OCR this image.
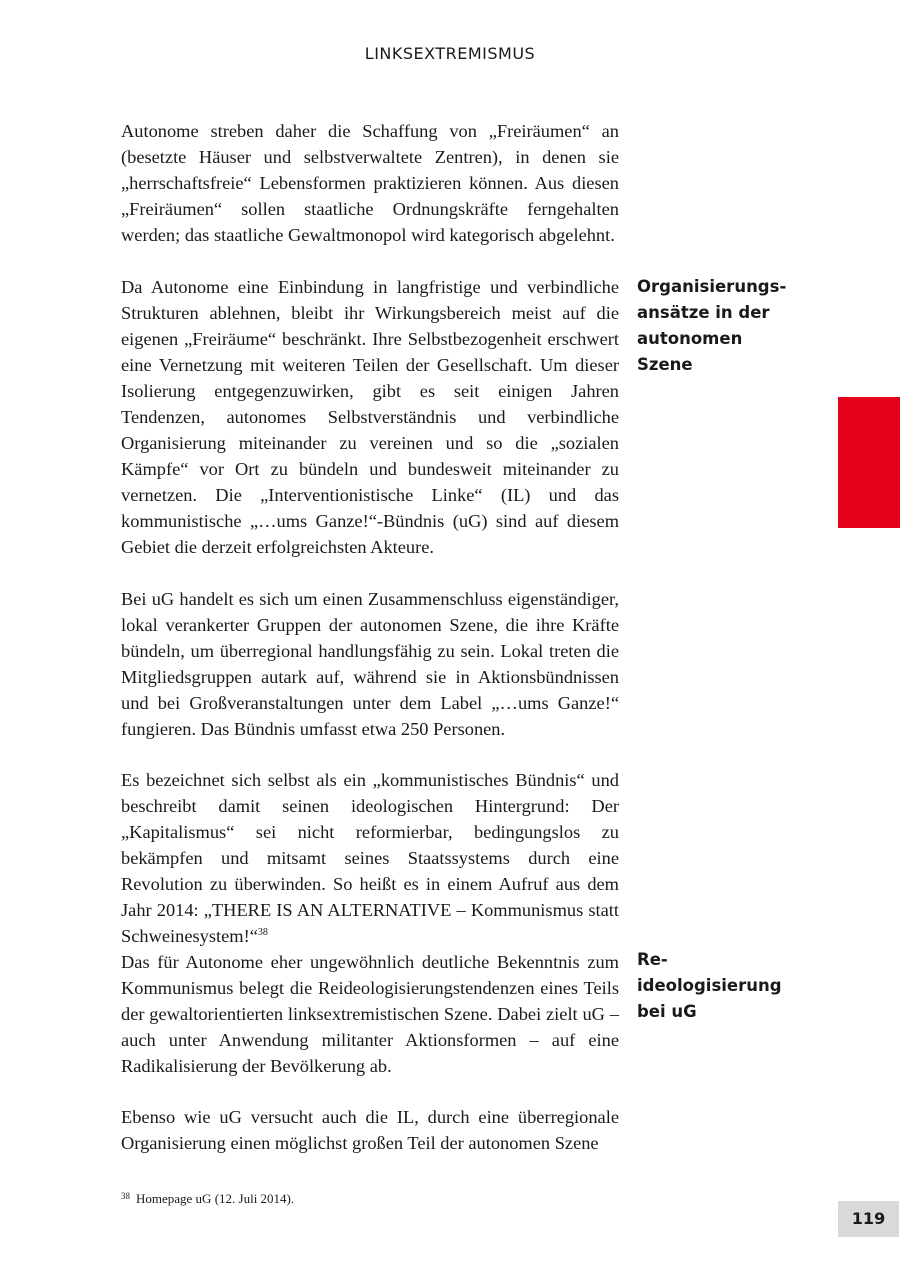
LINKSEXTREMISMUS

Autonome streben daher die Schaffung von „Freiräumen“ an (besetzte Häuser und selbstverwaltete Zentren), in denen sie „herrschaftsfreie“ Lebensformen praktizieren können. Aus diesen „Freiräumen“ sollen staatliche Ordnungskräfte ferngehalten werden; das staatliche Gewaltmonopol wird kategorisch abgelehnt.

Da Autonome eine Einbindung in langfristige und verbindliche Strukturen ablehnen, bleibt ihr Wirkungsbereich meist auf die eigenen „Freiräume“ beschränkt. Ihre Selbstbezogenheit erschwert eine Vernetzung mit weiteren Teilen der Gesellschaft. Um dieser Isolierung entgegenzuwirken, gibt es seit einigen Jahren Tendenzen, autonomes Selbstverständnis und verbindliche Organisierung miteinander zu vereinen und so die „sozialen Kämpfe“ vor Ort zu bündeln und bundesweit miteinander zu vernetzen. Die „Interventionistische Linke“ (IL) und das kommunistische „…ums Ganze!“-Bündnis (uG) sind auf diesem Gebiet die derzeit erfolgreichsten Akteure.

Bei uG handelt es sich um einen Zusammenschluss eigenständiger, lokal verankerter Gruppen der autonomen Szene, die ihre Kräfte bündeln, um überregional handlungsfähig zu sein. Lokal treten die Mitgliedsgruppen autark auf, während sie in Aktionsbündnissen und bei Großveranstaltungen unter dem Label „…ums Ganze!“ fungieren. Das Bündnis umfasst etwa 250 Personen.

Es bezeichnet sich selbst als ein „kommunistisches Bündnis“ und beschreibt damit seinen ideologischen Hintergrund: Der „Kapitalismus“ sei nicht reformierbar, bedingungslos zu bekämpfen und mitsamt seines Staatssystems durch eine Revolution zu überwinden. So heißt es in einem Aufruf aus dem Jahr 2014: „THERE IS AN ALTERNATIVE – Kommunismus statt Schweinesystem!“$^{38}$

Das für Autonome eher ungewöhnlich deutliche Bekenntnis zum Kommunismus belegt die Reideologisierungstendenzen eines Teils der gewaltorientierten linksextremistischen Szene. Dabei zielt uG – auch unter Anwendung militanter Aktionsformen – auf eine Radikalisierung der Bevölkerung ab.

Ebenso wie uG versucht auch die IL, durch eine überregionale Organisierung einen möglichst großen Teil der autonomen Szene

Organisierungs-
ansätze in der
autonomen Szene
Re-
ideologisierung
bei uG
$^{38}$ Homepage uG (12. Juli 2014).
119
